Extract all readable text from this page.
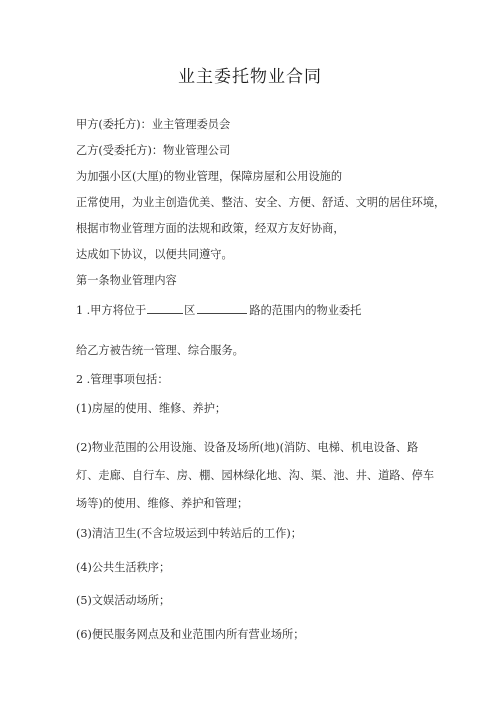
业主委托物业合同
甲方(委托方)：业主管理委员会
乙方(受委托方)：物业管理公司
为加强小区(大厘)的物业管理，保障房屋和公用设施的
正常使用，为业主创造优美、整洁、安全、方便、舒适、文明的居住环境，
根据市物业管理方面的法规和政策，经双方友好协商，
达成如下协议，以便共同遵守。
第一条物业管理内容
1 .甲方将位于	区	路的范围内的物业委托
给乙方被告统一管理、综合服务。
2 .管理事项包括：
(1)房屋的使用、维修、养护；
(2)物业范围的公用设施、设备及场所(地)(消防、电梯、机电设备、路
灯、走廊、自行车、房、棚、园林绿化地、沟、渠、池、井、道路、停车
场等)的使用、维修、养护和管理；
(3)清洁卫生(不含垃圾运到中转站后的工作)；
(4)公共生活秩序；
(5)文娱活动场所；
(6)便民服务网点及和业范围内所有营业场所；
